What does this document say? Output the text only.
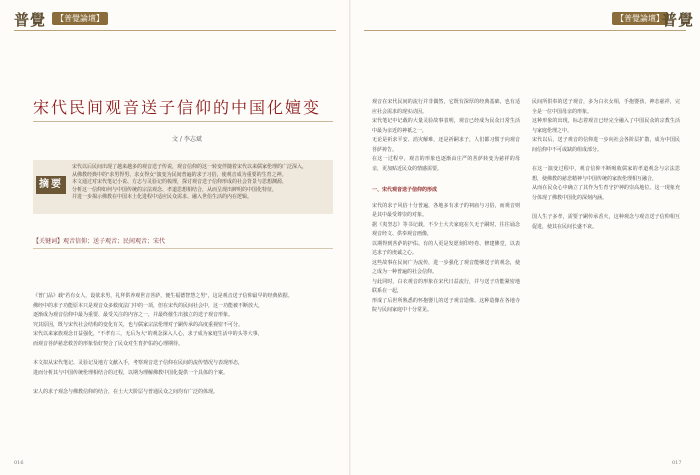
普覺	【普覺論壇】
宋代民间观音送子信仰的中国化嬗变
文 / 李志斌
摘要
宋代以后民间出现了越来越多的观音送子传说，观音信仰的这一转变伴随着宋代以来儒家伦理的广泛深入，
从佛教经典中的"求男得男、求女得女"演变为民间普遍的求子习俗，使观音成为重要的生育之神。
本文通过对宋代笔记小说、方志与灵验记的梳理，探讨观音送子信仰形成的社会背景与思想渊源，
分析这一信仰如何与中国传统的宗法观念、孝道思想相结合，从而呈现出鲜明的中国化特征，
并进一步揭示佛教在中国本土化进程中适应民众需求、融入世俗生活的内在逻辑。
【关键词】观音信仰；送子观音；民间观音；宋代

《普门品》载"若有女人，设欲求男，礼拜供养观世音菩萨，便生福德智慧之男"，这是观音送子信仰最早的经典依据。
佛经中的求子功能原本只是观音众多救度法门中的一项，但在宋代的民间社会中，这一功能被不断放大，
逐渐成为观音信仰中最为重要、最受关注的内容之一，并最终催生出独立的送子观音形象。
究其原因，既与宋代社会结构的变化有关，也与儒家宗法伦理对子嗣传承的高度重视密不可分。
宋代以来家族观念日益强化，"不孝有三，无后为大"的观念深入人心，求子成为家庭生活中的头等大事，
而观音菩萨慈悲救苦的形象恰好契合了民众对生育护佑的心理期待。

本文拟从宋代笔记、灵验记及地方文献入手，考察观音送子信仰在民间的流传情况与表现形态，
进而分析其与中国传统伦理相结合的过程，以期为理解佛教中国化提供一个具体的个案。

宋人的求子观念与佛教信仰的结合，在士大夫阶层与普通民众之间均有广泛的体现。

016
【普覺論壇】
普覺

观音在宋代民间的流行并非偶然，它既有深厚的经典基础，也有适应社会需求的现实动因。
宋代笔记中记载的大量灵验故事表明，观音已经成为民众日常生活中最为亲近的神祇之一，
无论是祈求平安、消灾解难，还是祈嗣求子，人们都习惯于向观音菩萨祷告。
在这一过程中，观音的形象也逐渐由庄严的菩萨转变为慈祥的母亲，更加贴近民众的情感需要。

一、宋代观音送子信仰的形成

宋代的求子风俗十分普遍，各地多有求子的祠庙与习俗，而观音则是其中最受尊崇的对象。
据《夷坚志》等书记载，不少士大夫家庭在久无子嗣时，往往诵念观音经文、供奉观音画像，
以期得到菩萨的护佑。有的人更是发愿刻印经卷、修建佛堂，以表达求子的虔诚之心。
这些故事在民间广为流传，进一步强化了观音能够送子的观念，使之成为一种普遍的社会信仰。
与此同时，白衣观音的形象在宋代日益流行，并与送子功能紧密地联系在一起，
形成了后世所熟悉的怀抱婴儿的送子观音造像。这种造像在各地寺院与民间家庭中十分常见。

民间所供奉的送子观音，多为白衣女相，手抱婴孩，神态慈祥，完全是一位中国母亲的形象。
这种形象的出现，标志着观音已经完全融入了中国民众的宗教生活与家庭伦理之中。
宋代以后，送子观音的信仰进一步向社会各阶层扩散，成为中国民间信仰中不可或缺的组成部分。

在这一演变过程中，观音信仰不断吸收儒家的孝道观念与宗法思想，使佛教的慈悲精神与中国传统的家族伦理相互融合，
从而在民众心中确立了其作为生育守护神的崇高地位。这一现象充分体现了佛教中国化的深刻内涵。

国人生子多孝，需要子嗣传承香火，这种观念与观音送子信仰相互促进，使其在民间长盛不衰。

017
